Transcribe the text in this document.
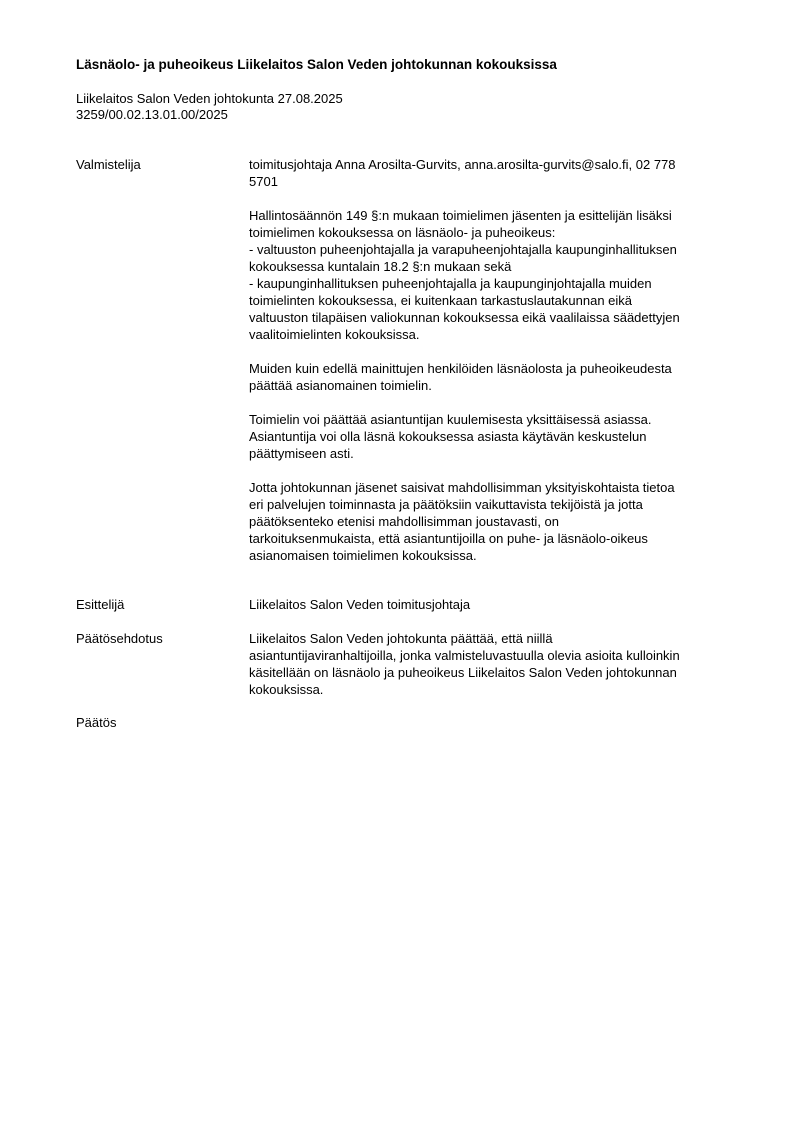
Läsnäolo- ja puheoikeus Liikelaitos Salon Veden johtokunnan kokouksissa
Liikelaitos Salon Veden johtokunta 27.08.2025
3259/00.02.13.01.00/2025
Valmistelija	toimitusjohtaja Anna Arosilta-Gurvits, anna.arosilta-gurvits@salo.fi, 02 778
5701

Hallintosäännön 149 §:n mukaan toimielimen jäsenten ja esittelijän lisäksi
toimielimen kokouksessa on läsnäolo- ja puheoikeus:
- valtuuston puheenjohtajalla ja varapuheenjohtajalla kaupunginhallituksen
kokouksessa kuntalain 18.2 §:n mukaan sekä
- kaupunginhallituksen puheenjohtajalla ja kaupunginjohtajalla muiden
toimielinten kokouksessa, ei kuitenkaan tarkastuslautakunnan eikä
valtuuston tilapäisen valiokunnan kokouksessa eikä vaalilaissa säädettyjen
vaalitoimielinten kokouksissa.

Muiden kuin edellä mainittujen henkilöiden läsnäolosta ja puheoikeudesta
päättää asianomainen toimielin.

Toimielin voi päättää asiantuntijan kuulemisesta yksittäisessä asiassa.
Asiantuntija voi olla läsnä kokouksessa asiasta käytävän keskustelun
päättymiseen asti.

Jotta johtokunnan jäsenet saisivat mahdollisimman yksityiskohtaista tietoa
eri palvelujen toiminnasta ja päätöksiin vaikuttavista tekijöistä ja jotta
päätöksenteko etenisi mahdollisimman joustavasti, on
tarkoituksenmukaista, että asiantuntijoilla on puhe- ja läsnäolo-oikeus
asianomaisen toimielimen kokouksissa.

Esittelijä	Liikelaitos Salon Veden toimitusjohtaja
Päätösehdotus	Liikelaitos Salon Veden johtokunta päättää, että niillä
asiantuntijaviranhaltijoilla, jonka valmisteluvastuulla olevia asioita kulloinkin
käsitellään on läsnäolo ja puheoikeus Liikelaitos Salon Veden johtokunnan
kokouksissa.
Päätös
